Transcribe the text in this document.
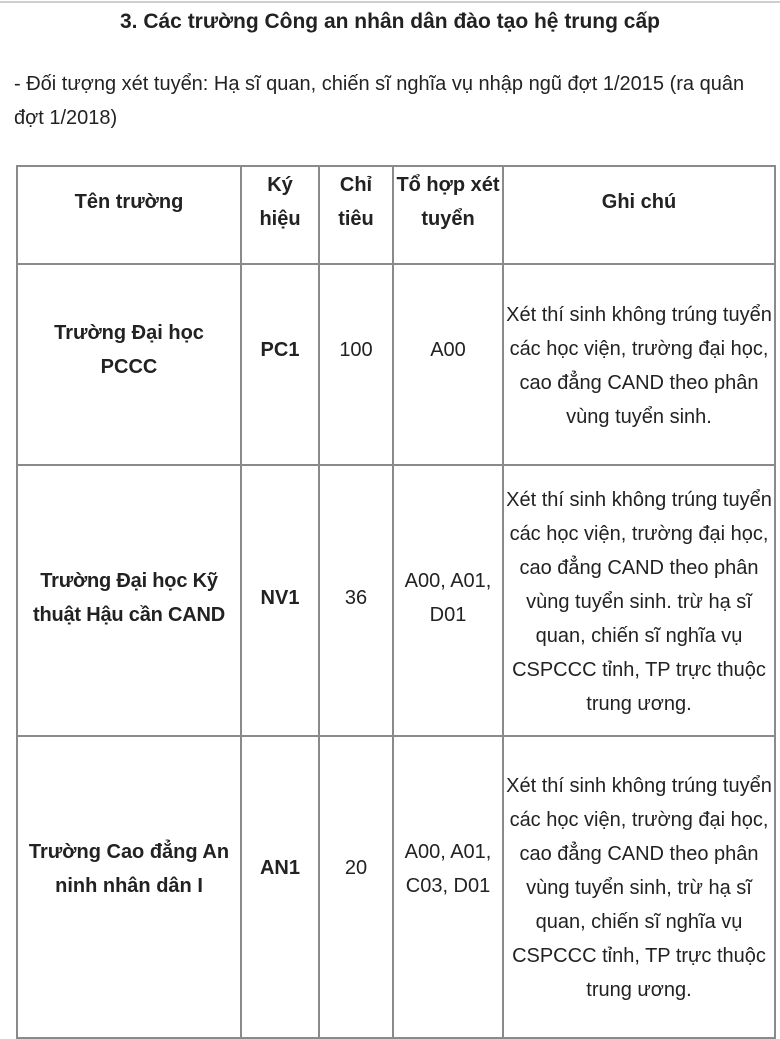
3. Các trường Công an nhân dân đào tạo hệ trung cấp

- Đối tượng xét tuyển: Hạ sĩ quan, chiến sĩ nghĩa vụ nhập ngũ đợt 1/2015 (ra quân đợt 1/2018)

Tên trường	Ký hiệu	Chỉ tiêu	Tổ hợp xét tuyển	Ghi chú

Trường Đại học PCCC	PC1	100	A00	Xét thí sinh không trúng tuyển các học viện, trường đại học, cao đẳng CAND theo phân vùng tuyển sinh.

Trường Đại học Kỹ thuật Hậu cần CAND	NV1	36	A00, A01, D01	Xét thí sinh không trúng tuyển các học viện, trường đại học, cao đẳng CAND theo phân vùng tuyển sinh. trừ hạ sĩ quan, chiến sĩ nghĩa vụ CSPCCC tỉnh, TP trực thuộc trung ương.

Trường Cao đẳng An ninh nhân dân I	AN1	20	A00, A01, C03, D01	Xét thí sinh không trúng tuyển các học viện, trường đại học, cao đẳng CAND theo phân vùng tuyển sinh, trừ hạ sĩ quan, chiến sĩ nghĩa vụ CSPCCC tỉnh, TP trực thuộc trung ương.
